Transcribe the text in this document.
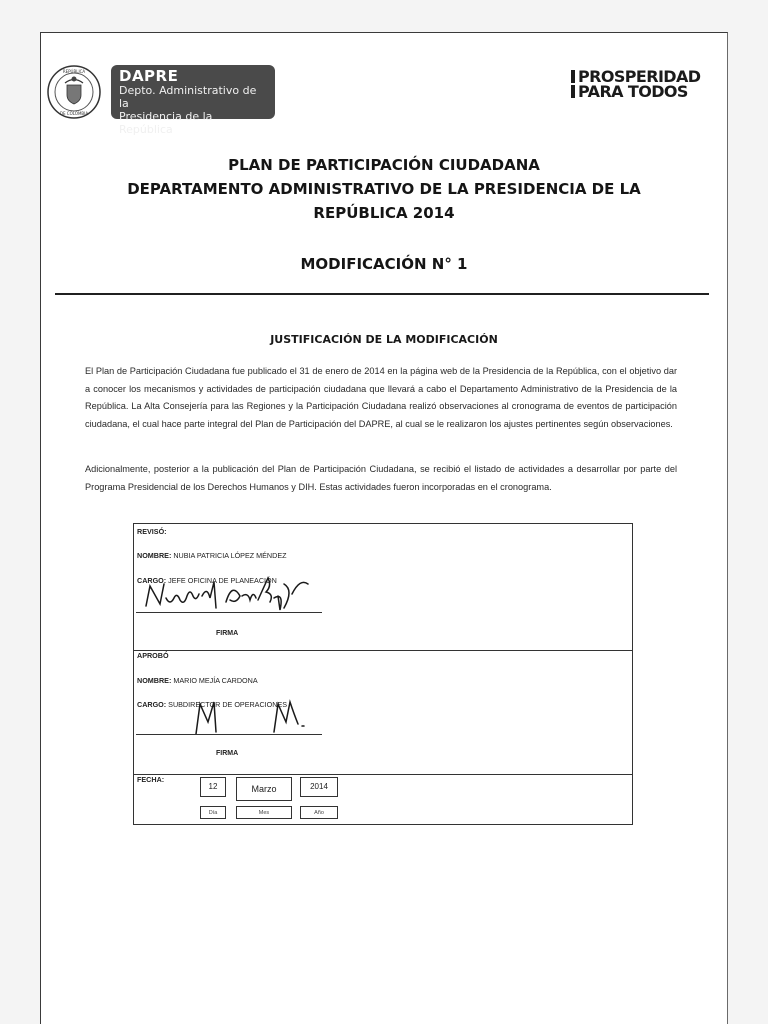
REPÚBLICA
DE COLOMBIA
DAPRE
Depto. Administrativo de la
Presidencia de la República
PROSPERIDAD
PARA TODOS
PLAN DE PARTICIPACIÓN CIUDADANA
DEPARTAMENTO ADMINISTRATIVO DE LA PRESIDENCIA DE LA
REPÚBLICA 2014
MODIFICACIÓN N° 1
JUSTIFICACIÓN DE LA MODIFICACIÓN
El Plan de Participación Ciudadana fue publicado el 31 de enero de 2014 en la página web de la Presidencia de la República, con el objetivo dar a conocer los mecanismos y actividades de participación ciudadana que llevará a cabo el Departamento Administrativo de la Presidencia de la República. La Alta Consejería para las Regiones y la Participación Ciudadana realizó observaciones al cronograma de eventos de participación ciudadana, el cual hace parte integral del Plan de Participación del DAPRE, al cual se le realizaron los ajustes pertinentes según observaciones.
Adicionalmente, posterior a la publicación del Plan de Participación Ciudadana, se recibió el listado de actividades a desarrollar por parte del Programa Presidencial de los Derechos Humanos y DIH. Estas actividades fueron incorporadas en el cronograma.
REVISÓ:
NOMBRE: NUBIA PATRICIA LÓPEZ MÉNDEZ
CARGO: JEFE OFICINA DE PLANEACIÓN
FIRMA
APROBÓ
NOMBRE: MARIO MEJÍA CARDONA
CARGO: SUBDIRECTOR DE OPERACIONES
FIRMA
FECHA:
12	Marzo	2014
Día	Mes	Año
